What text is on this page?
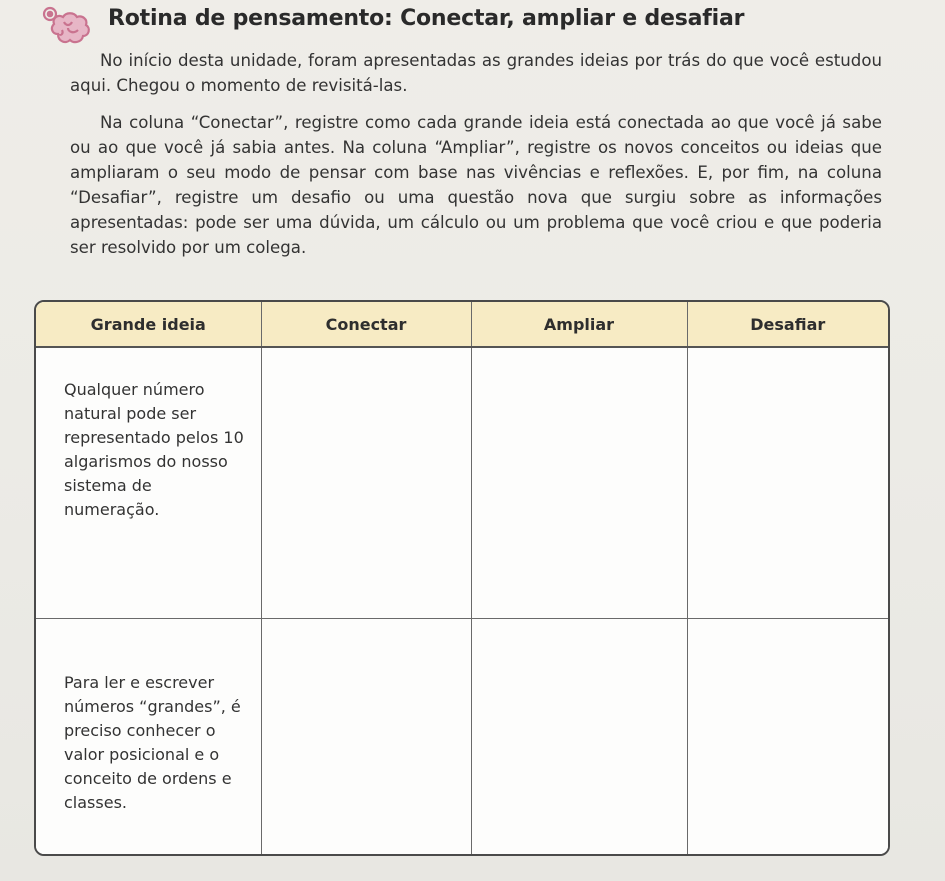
Rotina de pensamento: Conectar, ampliar e desafiar

No início desta unidade, foram apresentadas as grandes ideias por trás do que você estudou aqui. Chegou o momento de revisitá-las.

Na coluna “Conectar”, registre como cada grande ideia está conectada ao que você já sabe ou ao que você já sabia antes. Na coluna “Ampliar”, registre os novos conceitos ou ideias que ampliaram o seu modo de pensar com base nas vivências e reflexões. E, por fim, na coluna “Desafiar”, registre um desafio ou uma questão nova que surgiu sobre as informações apresentadas: pode ser uma dúvida, um cálculo ou um problema que você criou e que poderia ser resolvido por um colega.

Grande ideia	Conectar	Ampliar	Desafiar
Qualquer número natural pode ser representado pelos 10 algarismos do nosso sistema de numeração.			
Para ler e escrever números “grandes”, é preciso conhecer o valor posicional e o conceito de ordens e classes.			
